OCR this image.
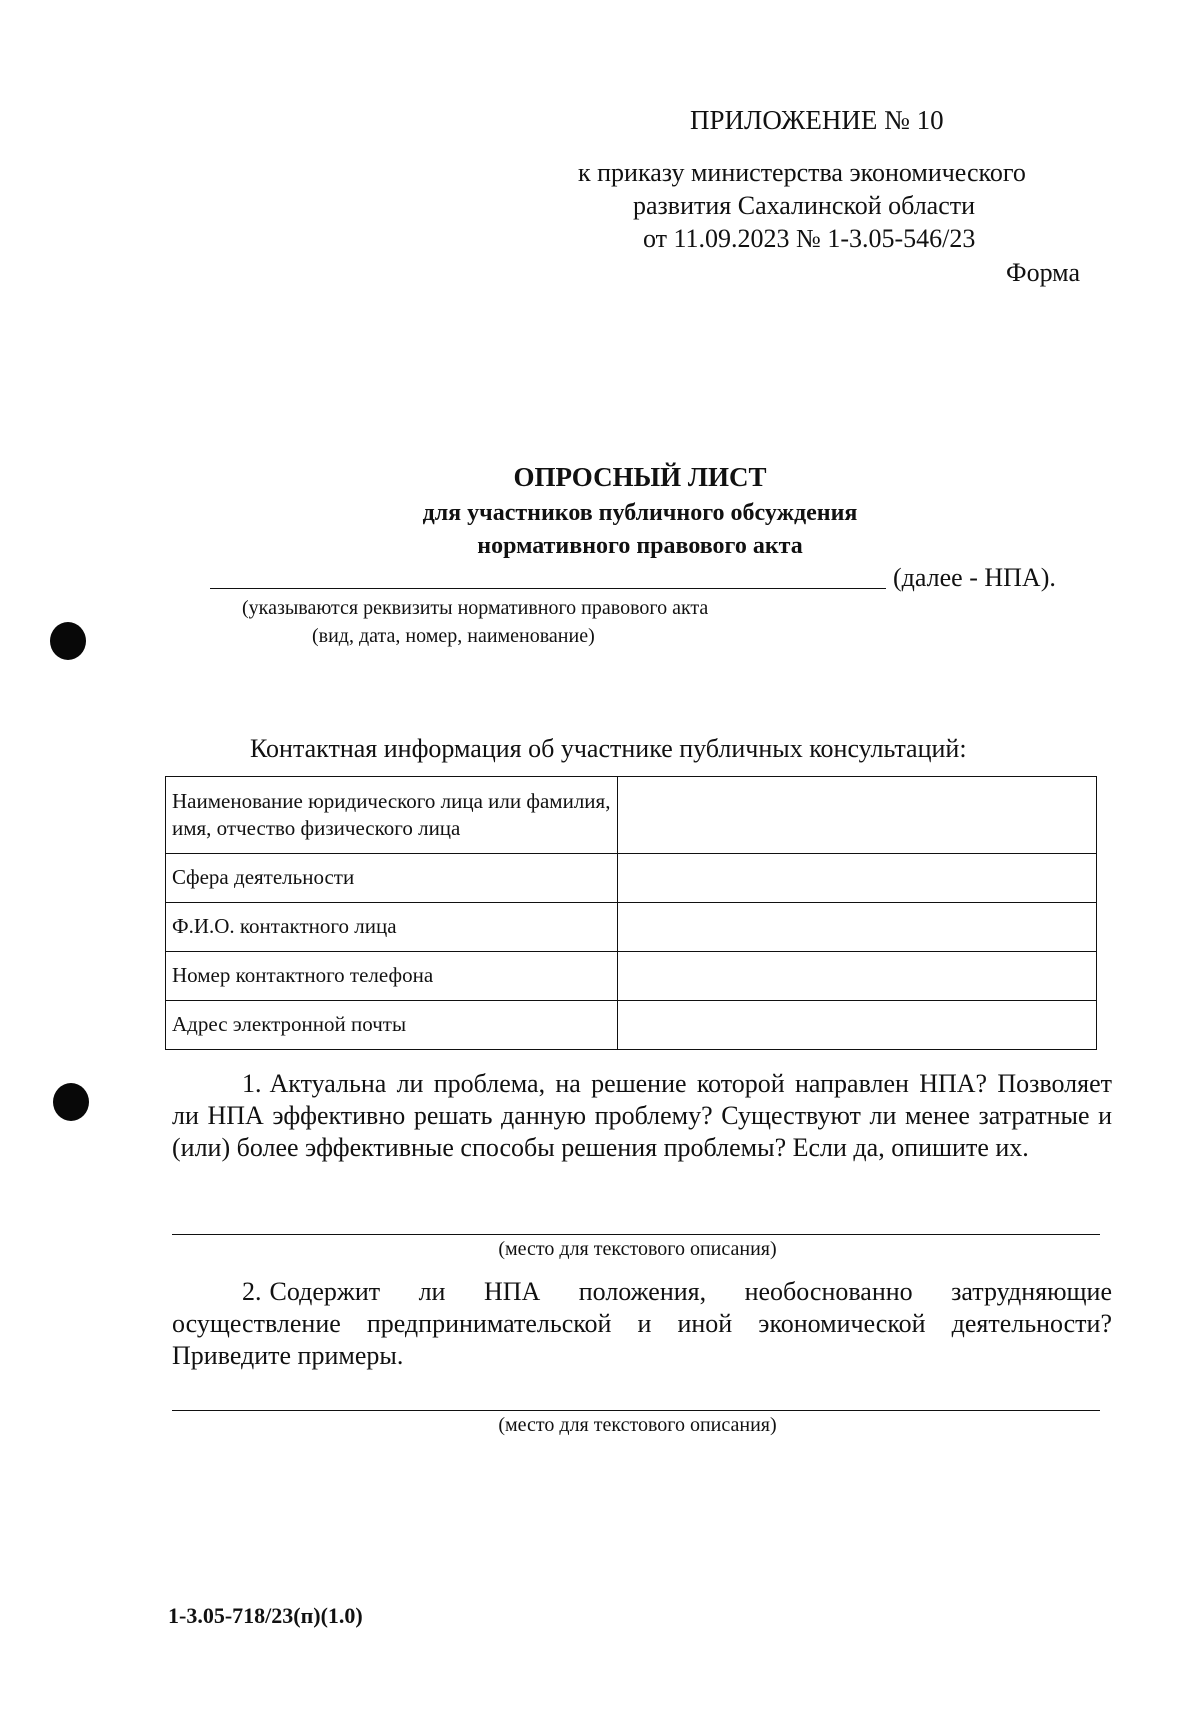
ПРИЛОЖЕНИЕ № 10
к приказу министерства экономического
развития Сахалинской области
от 11.09.2023 № 1-3.05-546/23
Форма
ОПРОСНЫЙ ЛИСТ
для участников публичного обсуждения
нормативного правового акта
(далее - НПА).
(указываются реквизиты нормативного правового акта
(вид, дата, номер, наименование)
Контактная информация об участнике публичных консультаций:
Наименование юридического лица или фамилия, имя, отчество физического лица	
Сфера деятельности	
Ф.И.О. контактного лица	
Номер контактного телефона	
Адрес электронной почты	
1. Актуальна ли проблема, на решение которой направлен НПА? Позволяет ли НПА эффективно решать данную проблему? Существуют ли менее затратные и (или) более эффективные способы решения проблемы? Если да, опишите их.
(место для текстового описания)
2. Содержит ли НПА положения, необоснованно затрудняющие осуществление предпринимательской и иной экономической деятельности? Приведите примеры.
(место для текстового описания)
1-3.05-718/23(п)(1.0)
